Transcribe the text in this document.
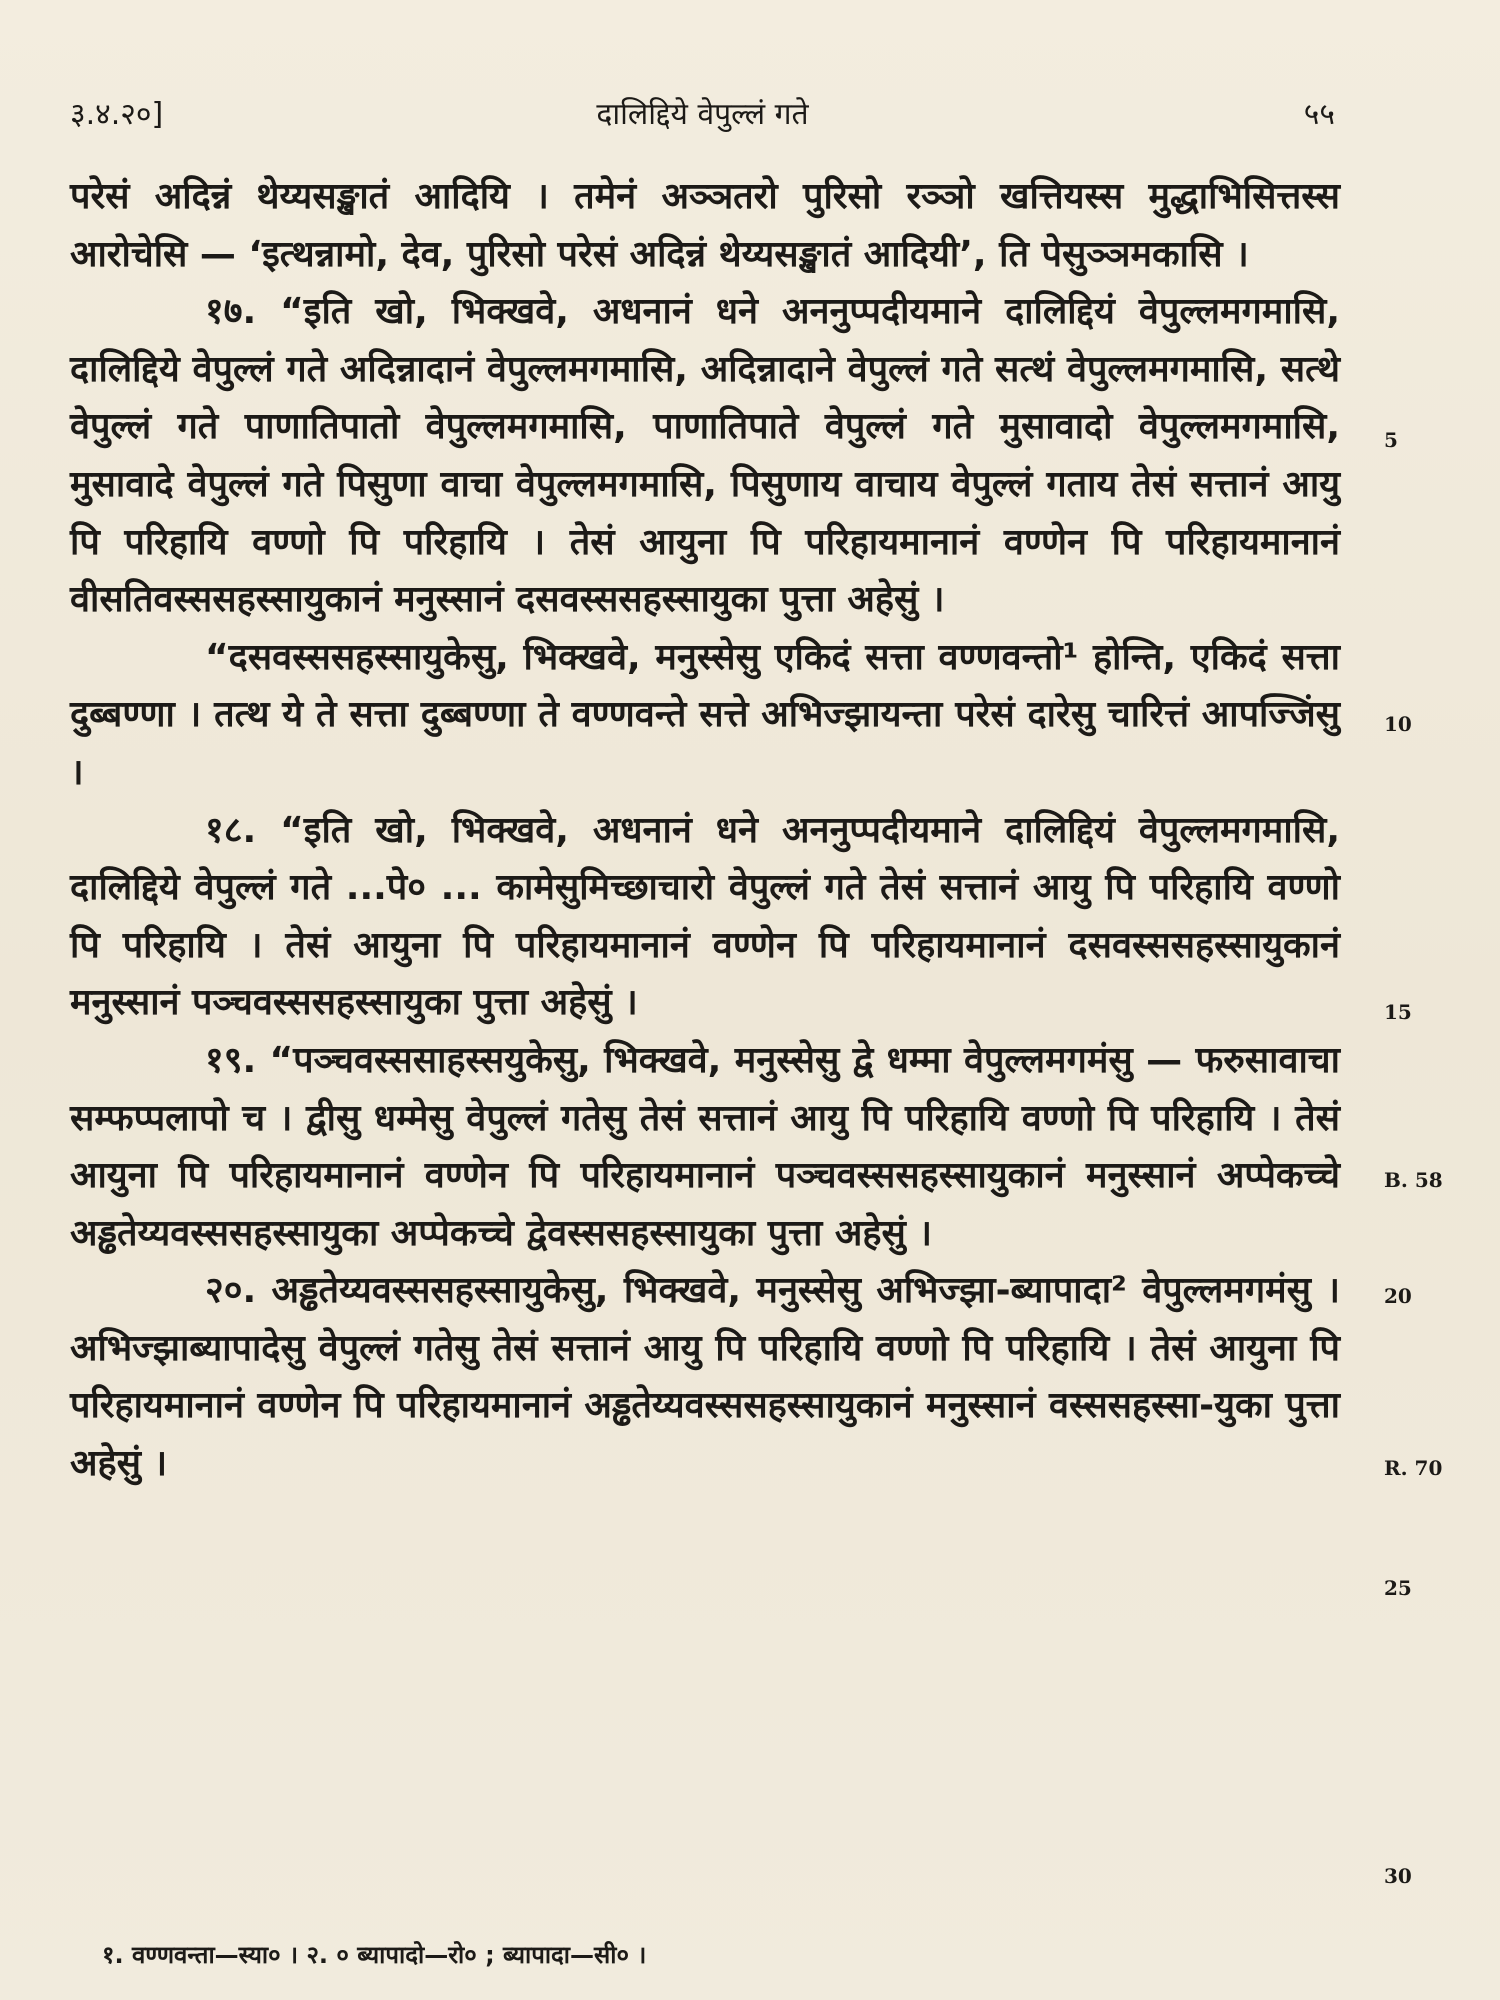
३.४.२०]	दालिद्दिये वेपुल्लं गते	५५

परेसं अदिन्नं थेय्यसङ्खातं आदियि । तमेनं अञ्ञतरो पुरिसो रञ्ञो खत्तियस्स मुद्धाभिसित्तस्स आरोचेसि — ‘इत्थन्नामो, देव, पुरिसो परेसं अदिन्नं थेय्यसङ्खातं आदियी’, ति पेसुञ्ञमकासि ।

१७. “इति खो, भिक्खवे, अधनानं धने अननुप्पदीयमाने दालिद्दियं वेपुल्लमगमासि, दालिद्दिये वेपुल्लं गते अदिन्नादानं वेपुल्लमगमासि, अदिन्नादाने वेपुल्लं गते सत्थं वेपुल्लमगमासि, सत्थे वेपुल्लं गते पाणातिपातो वेपुल्लमगमासि, पाणातिपाते वेपुल्लं गते मुसावादो वेपुल्लमगमासि, मुसावादे वेपुल्लं गते पिसुणा वाचा वेपुल्लमगमासि, पिसुणाय वाचाय वेपुल्लं गताय तेसं सत्तानं आयु पि परिहायि वण्णो पि परिहायि । तेसं आयुना पि परिहायमानानं वण्णेन पि परिहायमानानं वीसतिवस्ससहस्सायुकानं मनुस्सानं दसवस्ससहस्सायुका पुत्ता अहेसुं ।

“दसवस्ससहस्सायुकेसु, भिक्खवे, मनुस्सेसु एकिदं सत्ता वण्णवन्तो¹ होन्ति, एकिदं सत्ता दुब्बण्णा । तत्थ ये ते सत्ता दुब्बण्णा ते वण्णवन्ते सत्ते अभिज्झायन्ता परेसं दारेसु चारित्तं आपज्जिंसु ।

१८. “इति खो, भिक्खवे, अधनानं धने अननुप्पदीयमाने दालिद्दियं वेपुल्लमगमासि, दालिद्दिये वेपुल्लं गते ...पे० ... कामेसुमिच्छाचारो वेपुल्लं गते तेसं सत्तानं आयु पि परिहायि वण्णो पि परिहायि । तेसं आयुना पि परिहायमानानं वण्णेन पि परिहायमानानं दसवस्ससहस्सायुकानं मनुस्सानं पञ्चवस्ससहस्सायुका पुत्ता अहेसुं ।

१९. “पञ्चवस्ससाहस्सयुकेसु, भिक्खवे, मनुस्सेसु द्वे धम्मा वेपुल्लमगमंसु — फरुसावाचा सम्फप्पलापो च । द्वीसु धम्मेसु वेपुल्लं गतेसु तेसं सत्तानं आयु पि परिहायि वण्णो पि परिहायि । तेसं आयुना पि परिहायमानानं वण्णेन पि परिहायमानानं पञ्चवस्ससहस्सायुकानं मनुस्सानं अप्पेकच्चे अड्ढतेय्यवस्ससहस्सायुका अप्पेकच्चे द्वेवस्ससहस्सायुका पुत्ता अहेसुं ।

२०. अड्ढतेय्यवस्ससहस्सायुकेसु, भिक्खवे, मनुस्सेसु अभिज्झा-ब्यापादा² वेपुल्लमगमंसु । अभिज्झाब्यापादेसु वेपुल्लं गतेसु तेसं सत्तानं आयु पि परिहायि वण्णो पि परिहायि । तेसं आयुना पि परिहायमानानं वण्णेन पि परिहायमानानं अड्ढतेय्यवस्ससहस्सायुकानं मनुस्सानं वस्ससहस्सा-युका पुत्ता अहेसुं ।

5
10
15
B. 58
20
R. 70
25
30
१. वण्णवन्ता—स्या० । २. ० ब्यापादो—रो० ; ब्यापादा—सी० ।
